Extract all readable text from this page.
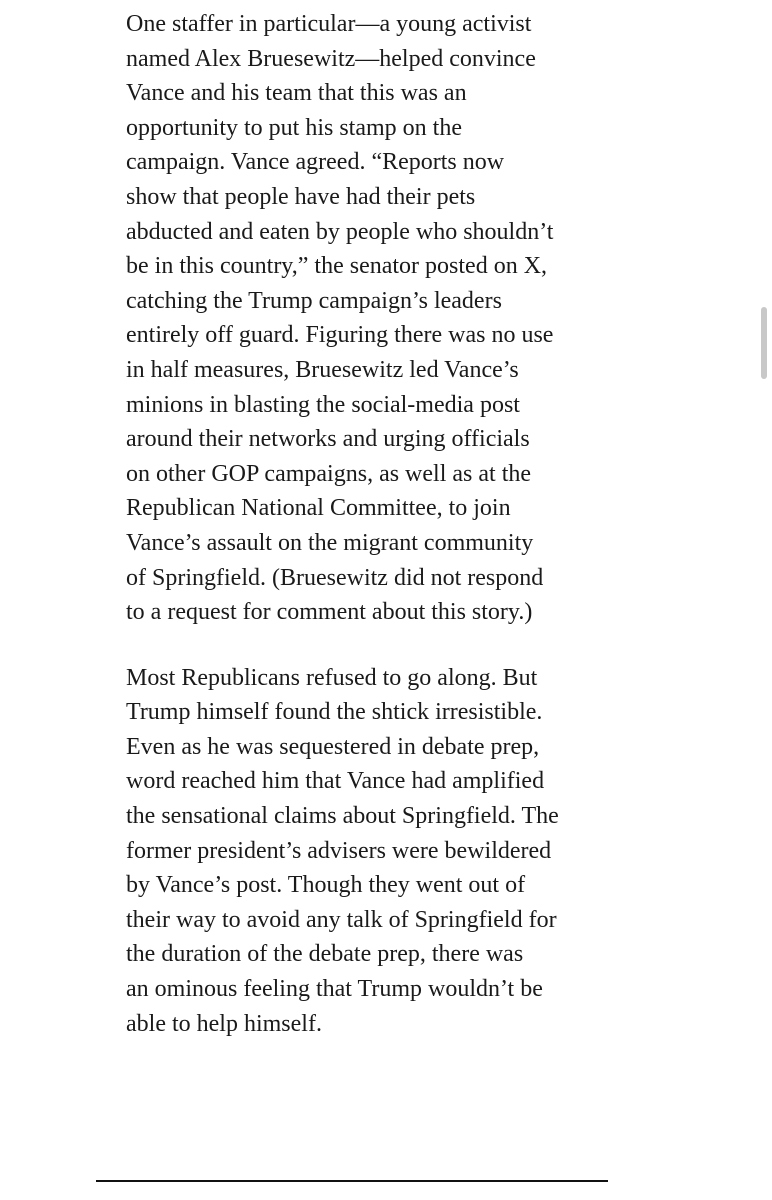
One staffer in particular—a young activist
named Alex Bruesewitz—helped convince
Vance and his team that this was an
opportunity to put his stamp on the
campaign. Vance agreed. “Reports now
show that people have had their pets
abducted and eaten by people who shouldn’t
be in this country,” the senator posted on X,
catching the Trump campaign’s leaders
entirely off guard. Figuring there was no use
in half measures, Bruesewitz led Vance’s
minions in blasting the social-media post
around their networks and urging officials
on other GOP campaigns, as well as at the
Republican National Committee, to join
Vance’s assault on the migrant community
of Springfield. (Bruesewitz did not respond
to a request for comment about this story.)

Most Republicans refused to go along. But
Trump himself found the shtick irresistible.
Even as he was sequestered in debate prep,
word reached him that Vance had amplified
the sensational claims about Springfield. The
former president’s advisers were bewildered
by Vance’s post. Though they went out of
their way to avoid any talk of Springfield for
the duration of the debate prep, there was
an ominous feeling that Trump wouldn’t be
able to help himself.
